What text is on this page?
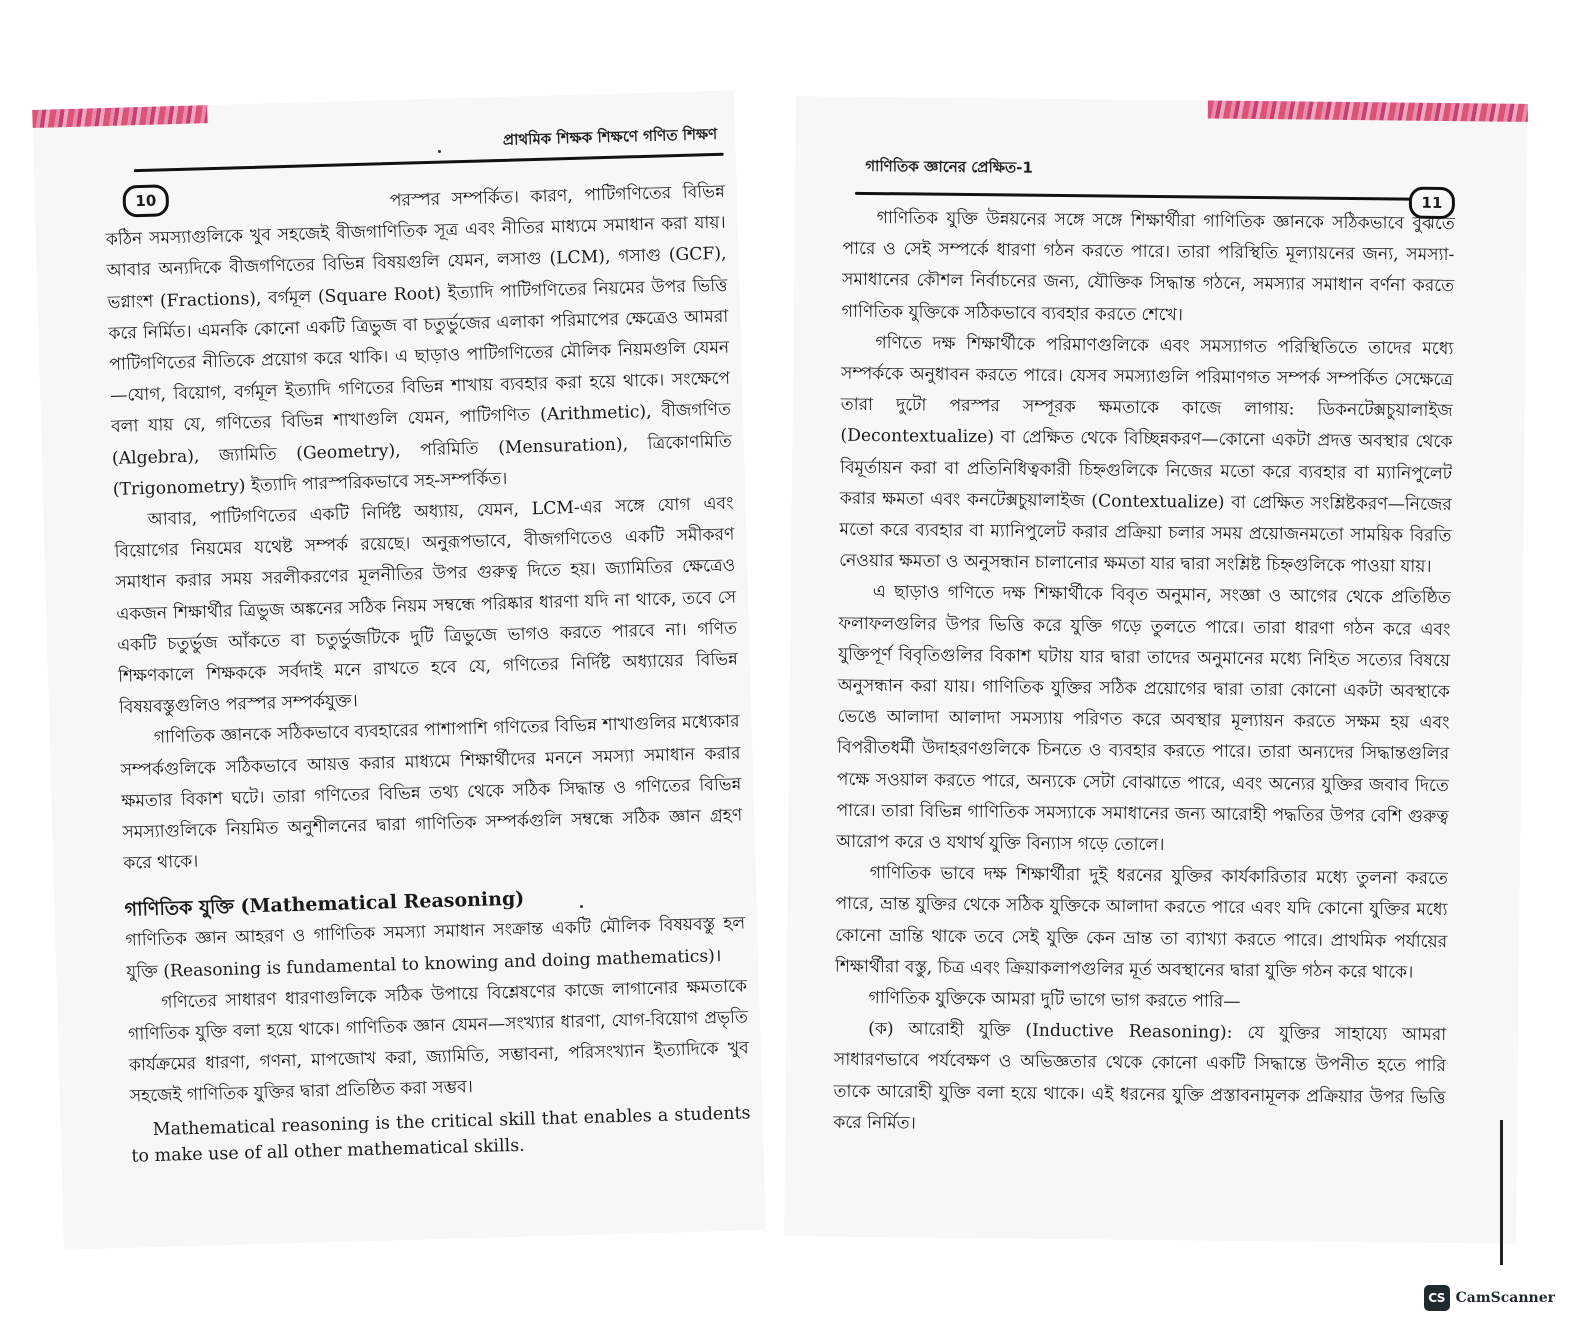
প্রাথমিক শিক্ষক শিক্ষণে গণিত শিক্ষণ
10	পরস্পর সম্পর্কিত। কারণ, পাটিগণিতের বিভিন্ন কঠিন সমস্যাগুলিকে খুব সহজেই বীজগাণিতিক সূত্র এবং নীতির মাধ্যমে সমাধান করা যায়। আবার অন্যদিকে বীজগণিতের বিভিন্ন বিষয়গুলি যেমন, লসাগু (LCM), গসাগু (GCF), ভগ্নাংশ (Fractions), বর্গমূল (Square Root) ইত্যাদি পাটিগণিতের নিয়মের উপর ভিত্তি করে নির্মিত। এমনকি কোনো একটি ত্রিভুজ বা চতুর্ভুজের এলাকা পরিমাপের ক্ষেত্রেও আমরা পাটিগণিতের নীতিকে প্রয়োগ করে থাকি। এ ছাড়াও পাটিগণিতের মৌলিক নিয়মগুলি যেমন—যোগ, বিয়োগ, বর্গমূল ইত্যাদি গণিতের বিভিন্ন শাখায় ব্যবহার করা হয়ে থাকে। সংক্ষেপে বলা যায় যে, গণিতের বিভিন্ন শাখাগুলি যেমন, পাটিগণিত (Arithmetic), বীজগণিত (Algebra), জ্যামিতি (Geometry), পরিমিতি (Mensuration), ত্রিকোণমিতি (Trigonometry) ইত্যাদি পারস্পরিকভাবে সহ-সম্পর্কিত।

আবার, পাটিগণিতের একটি নির্দিষ্ট অধ্যায়, যেমন, LCM-এর সঙ্গে যোগ এবং বিয়োগের নিয়মের যথেষ্ট সম্পর্ক রয়েছে। অনুরূপভাবে, বীজগণিতেও একটি সমীকরণ সমাধান করার সময় সরলীকরণের মূলনীতির উপর গুরুত্ব দিতে হয়। জ্যামিতির ক্ষেত্রেও একজন শিক্ষার্থীর ত্রিভুজ অঙ্কনের সঠিক নিয়ম সম্বন্ধে পরিষ্কার ধারণা যদি না থাকে, তবে সে একটি চতুর্ভুজ আঁকতে বা চতুর্ভুজটিকে দুটি ত্রিভুজে ভাগও করতে পারবে না। গণিত শিক্ষণকালে শিক্ষককে সর্বদাই মনে রাখতে হবে যে, গণিতের নির্দিষ্ট অধ্যায়ের বিভিন্ন বিষয়বস্তুগুলিও পরস্পর সম্পর্কযুক্ত।

গাণিতিক জ্ঞানকে সঠিকভাবে ব্যবহারের পাশাপাশি গণিতের বিভিন্ন শাখাগুলির মধ্যেকার সম্পর্কগুলিকে সঠিকভাবে আয়ত্ত করার মাধ্যমে শিক্ষার্থীদের মননে সমস্যা সমাধান করার ক্ষমতার বিকাশ ঘটে। তারা গণিতের বিভিন্ন তথ্য থেকে সঠিক সিদ্ধান্ত ও গণিতের বিভিন্ন সমস্যাগুলিকে নিয়মিত অনুশীলনের দ্বারা গাণিতিক সম্পর্কগুলি সম্বন্ধে সঠিক জ্ঞান গ্রহণ করে থাকে।

গাণিতিক যুক্তি (Mathematical Reasoning)

গাণিতিক জ্ঞান আহরণ ও গাণিতিক সমস্যা সমাধান সংক্রান্ত একটি মৌলিক বিষয়বস্তু হল যুক্তি (Reasoning is fundamental to knowing and doing mathematics)।

গণিতের সাধারণ ধারণাগুলিকে সঠিক উপায়ে বিশ্লেষণের কাজে লাগানোর ক্ষমতাকে গাণিতিক যুক্তি বলা হয়ে থাকে। গাণিতিক জ্ঞান যেমন—সংখ্যার ধারণা, যোগ-বিয়োগ প্রভৃতি কার্যক্রমের ধারণা, গণনা, মাপজোখ করা, জ্যামিতি, সম্ভাবনা, পরিসংখ্যান ইত্যাদিকে খুব সহজেই গাণিতিক যুক্তির দ্বারা প্রতিষ্ঠিত করা সম্ভব।

Mathematical reasoning is the critical skill that enables a students to make use of all other mathematical skills.

গাণিতিক জ্ঞানের প্রেক্ষিত-1
11

গাণিতিক যুক্তি উন্নয়নের সঙ্গে সঙ্গে শিক্ষার্থীরা গাণিতিক জ্ঞানকে সঠিকভাবে বুঝতে পারে ও সেই সম্পর্কে ধারণা গঠন করতে পারে। তারা পরিস্থিতি মূল্যায়নের জন্য, সমস্যা-সমাধানের কৌশল নির্বাচনের জন্য, যৌক্তিক সিদ্ধান্ত গঠনে, সমস্যার সমাধান বর্ণনা করতে গাণিতিক যুক্তিকে সঠিকভাবে ব্যবহার করতে শেখে।

গণিতে দক্ষ শিক্ষার্থীকে পরিমাণগুলিকে এবং সমস্যাগত পরিস্থিতিতে তাদের মধ্যে সম্পর্ককে অনুধাবন করতে পারে। যেসব সমস্যাগুলি পরিমাণগত সম্পর্ক সম্পর্কিত সেক্ষেত্রে তারা দুটো পরস্পর সম্পূরক ক্ষমতাকে কাজে লাগায়: ডিকনটেক্সচুয়ালাইজ (Decontextualize) বা প্রেক্ষিত থেকে বিচ্ছিন্নকরণ—কোনো একটা প্রদত্ত অবস্থার থেকে বিমূর্তায়ন করা বা প্রতিনিধিত্বকারী চিহ্নগুলিকে নিজের মতো করে ব্যবহার বা ম্যানিপুলেট করার ক্ষমতা এবং কনটেক্সচুয়ালাইজ (Contextualize) বা প্রেক্ষিত সংশ্লিষ্টকরণ—নিজের মতো করে ব্যবহার বা ম্যানিপুলেট করার প্রক্রিয়া চলার সময় প্রয়োজনমতো সাময়িক বিরতি নেওয়ার ক্ষমতা ও অনুসন্ধান চালানোর ক্ষমতা যার দ্বারা সংশ্লিষ্ট চিহ্নগুলিকে পাওয়া যায়।

এ ছাড়াও গণিতে দক্ষ শিক্ষার্থীকে বিবৃত অনুমান, সংজ্ঞা ও আগের থেকে প্রতিষ্ঠিত ফলাফলগুলির উপর ভিত্তি করে যুক্তি গড়ে তুলতে পারে। তারা ধারণা গঠন করে এবং যুক্তিপূর্ণ বিবৃতিগুলির বিকাশ ঘটায় যার দ্বারা তাদের অনুমানের মধ্যে নিহিত সত্যের বিষয়ে অনুসন্ধান করা যায়। গাণিতিক যুক্তির সঠিক প্রয়োগের দ্বারা তারা কোনো একটা অবস্থাকে ভেঙে আলাদা আলাদা সমস্যায় পরিণত করে অবস্থার মূল্যায়ন করতে সক্ষম হয় এবং বিপরীতধর্মী উদাহরণগুলিকে চিনতে ও ব্যবহার করতে পারে। তারা অন্যদের সিদ্ধান্তগুলির পক্ষে সওয়াল করতে পারে, অন্যকে সেটা বোঝাতে পারে, এবং অন্যের যুক্তির জবাব দিতে পারে। তারা বিভিন্ন গাণিতিক সমস্যাকে সমাধানের জন্য আরোহী পদ্ধতির উপর বেশি গুরুত্ব আরোপ করে ও যথার্থ যুক্তি বিন্যাস গড়ে তোলে।

গাণিতিক ভাবে দক্ষ শিক্ষার্থীরা দুই ধরনের যুক্তির কার্যকারিতার মধ্যে তুলনা করতে পারে, ভ্রান্ত যুক্তির থেকে সঠিক যুক্তিকে আলাদা করতে পারে এবং যদি কোনো যুক্তির মধ্যে কোনো ভ্রান্তি থাকে তবে সেই যুক্তি কেন ভ্রান্ত তা ব্যাখ্যা করতে পারে। প্রাথমিক পর্যায়ের শিক্ষার্থীরা বস্তু, চিত্র এবং ক্রিয়াকলাপগুলির মূর্ত অবস্থানের দ্বারা যুক্তি গঠন করে থাকে।

গাণিতিক যুক্তিকে আমরা দুটি ভাগে ভাগ করতে পারি—

(ক) আরোহী যুক্তি (Inductive Reasoning): যে যুক্তির সাহায্যে আমরা সাধারণভাবে পর্যবেক্ষণ ও অভিজ্ঞতার থেকে কোনো একটি সিদ্ধান্তে উপনীত হতে পারি তাকে আরোহী যুক্তি বলা হয়ে থাকে। এই ধরনের যুক্তি প্রস্তাবনামূলক প্রক্রিয়ার উপর ভিত্তি করে নির্মিত।

CS CamScanner
